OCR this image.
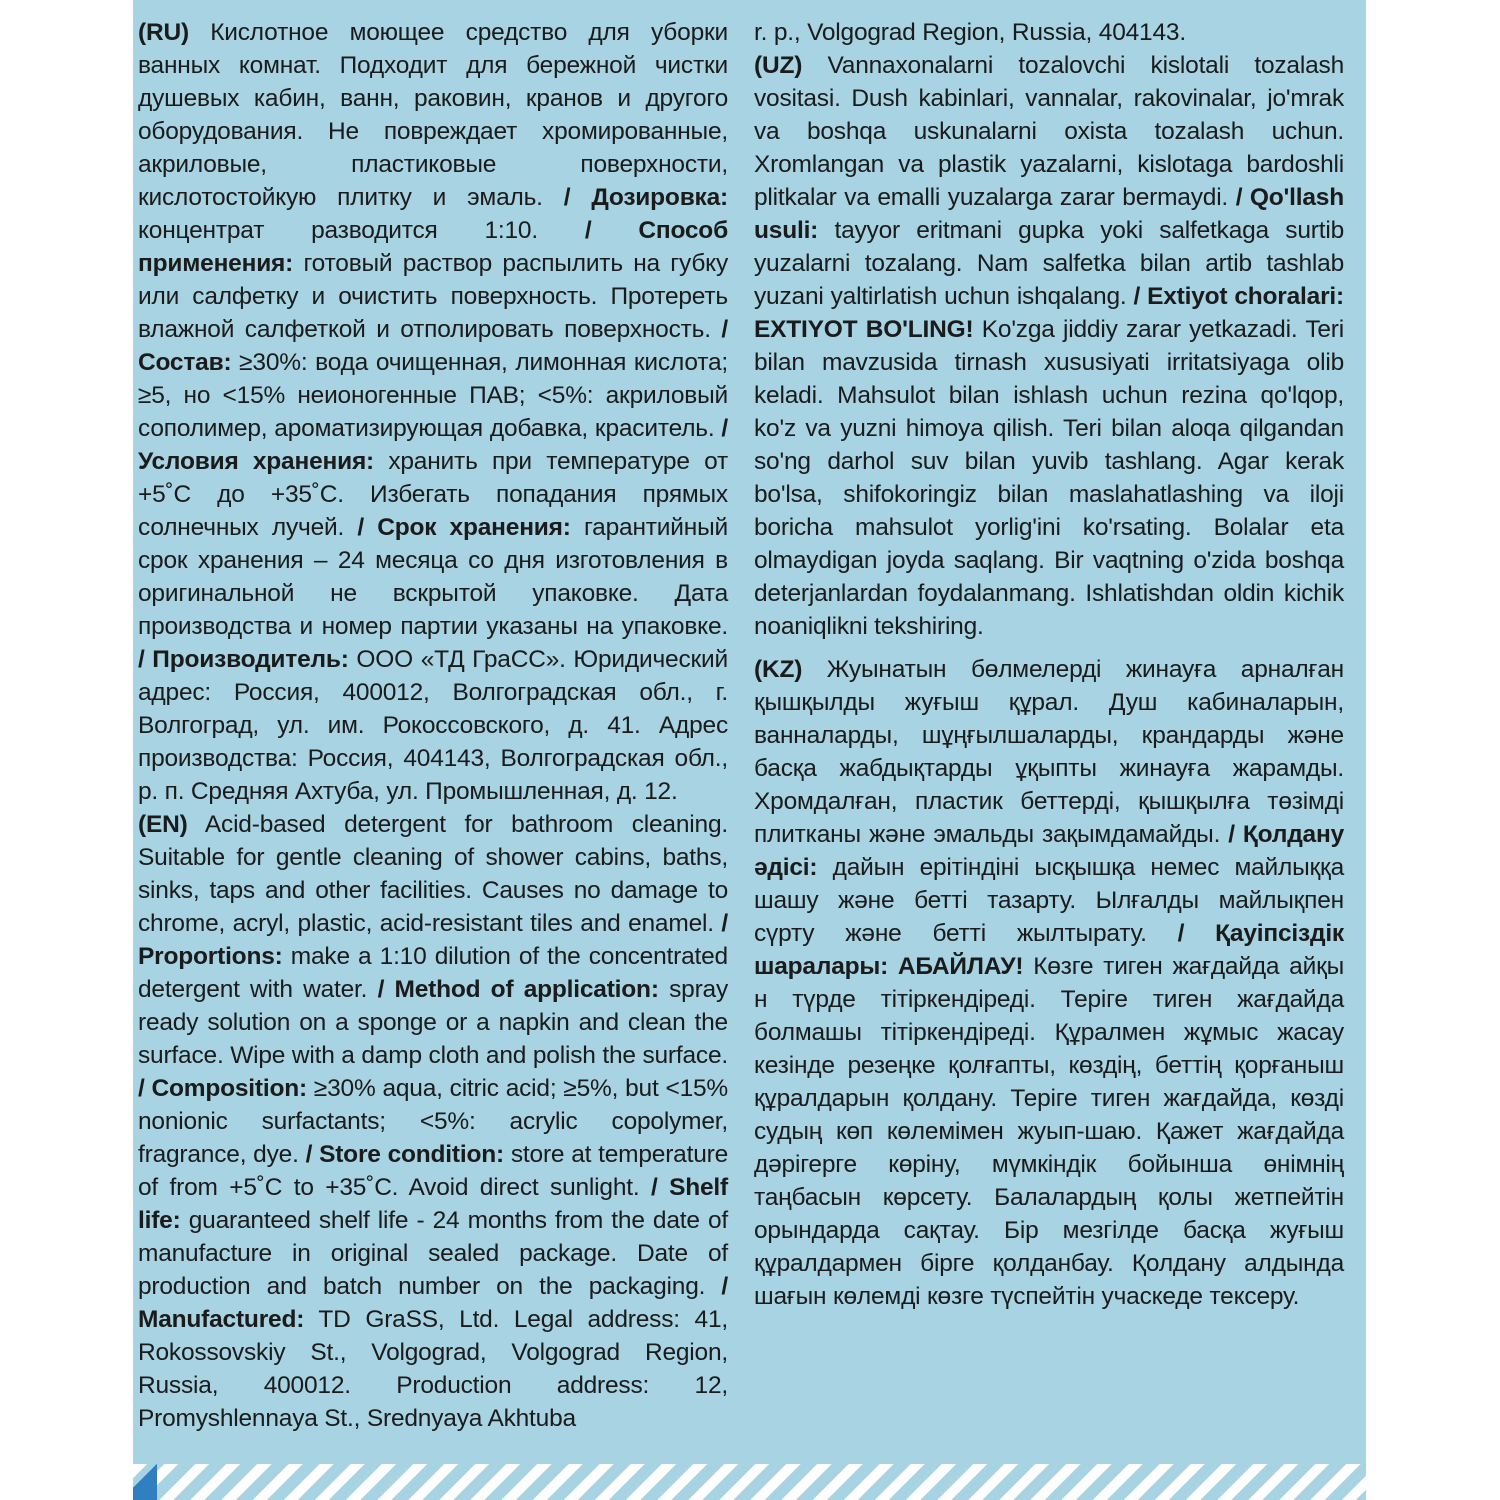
(RU) Кислотное моющее средство для уборки ванных комнат. Подходит для бережной чистки душевых кабин, ванн, раковин, кранов и другого оборудования. Не повреждает хромированные, акриловые, пластиковые поверхности, кислотостойкую плитку и эмаль. / Дозировка: концентрат разводится 1:10. / Способ применения: готовый раствор распылить на губку или салфетку и очистить поверхность. Протереть влажной салфеткой и отполировать поверхность. / Состав: ≥30%: вода очищенная, лимонная кислота; ≥5, но <15% неионогенные ПАВ; <5%: акриловый сополимер, ароматизирующая добавка, краситель. / Условия хранения: хранить при температуре от +5˚С до +35˚С. Избегать попадания прямых солнечных лучей. / Срок хранения: гарантийный срок хранения – 24 месяца со дня изготовления в оригинальной не вскрытой упаковке. Дата производства и номер партии указаны на упаковке. / Производитель: ООО «ТД ГраСС». Юридический адрес: Россия, 400012, Волгоградская обл., г. Волгоград, ул. им. Рокоссовского, д. 41. Адрес производства: Россия, 404143, Волгоградская обл., р. п. Средняя Ахтуба, ул. Промышленная, д. 12.

(EN) Acid-based detergent for bathroom cleaning. Suitable for gentle cleaning of shower cabins, baths, sinks, taps and other facilities. Causes no damage to chrome, acryl, plastic, acid-resistant tiles and enamel. / Proportions: make a 1:10 dilution of the concentrated detergent with water. / Method of application: spray ready solution on a sponge or a napkin and clean the surface. Wipe with a damp cloth and polish the surface. / Composition: ≥30% aqua, citric acid; ≥5%, but <15% nonionic surfactants; <5%: acrylic copolymer, fragrance, dye. / Store condition: store at temperature of from +5˚C to +35˚C. Avoid direct sunlight. / Shelf life: guaranteed shelf life - 24 months from the date of manufacture in original sealed package. Date of production and batch number on the packaging. / Manufactured: TD GraSS, Ltd. Legal address: 41, Rokossovskiy St., Volgograd, Volgograd Region, Russia, 400012. Production address: 12, Promyshlennaya St., Srednyaya Akhtuba

r. p., Volgograd Region, Russia, 404143.

(UZ) Vannaxonalarni tozalovchi kislotali tozalash vositasi. Dush kabinlari, vannalar, rakovinalar, jo'mrak va boshqa uskunalarni oxista tozalash uchun. Xromlangan va plastik yazalarni, kislotaga bardoshli plitkalar va emalli yuzalarga zarar bermaydi. / Qo'llash usuli: tayyor eritmani gupka yoki salfetkaga surtib yuzalarni tozalang. Nam salfetka bilan artib tashlab yuzani yaltirlatish uchun ishqalang. / Extiyot choralari: EXTIYOT BO'LING! Ko'zga jiddiy zarar yetkazadi. Teri bilan mavzusida tirnash xususiyati irritatsiyaga olib keladi. Mahsulot bilan ishlash uchun rezina qo'lqop, ko'z va yuzni himoya qilish. Teri bilan aloqa qilgandan so'ng darhol suv bilan yuvib tashlang. Agar kerak bo'lsa, shifokoringiz bilan maslahatlashing va iloji boricha mahsulot yorlig'ini ko'rsating. Bolalar eta olmaydigan joyda saqlang. Bir vaqtning o'zida boshqa deterjanlardan foydalanmang. Ishlatishdan oldin kichik noaniqlikni tekshiring.

(KZ) Жуынатын бөлмелерді жинауға арналған қышқылды жуғыш құрал. Душ кабиналарын, ванналарды, шұңғылшаларды, крандарды және басқа жабдықтарды ұқыпты жинауға жарамды. Хромдалған, пластик беттерді, қышқылға төзімді плитканы және эмальды зақымдамайды. / Қолдану әдісі: дайын ерітіндіні ысқышқа немес майлыққа шашу және бетті тазарту. Ылғалды майлықпен сүрту және бетті жылтырату. / Қауіпсіздік шаралары: АБАЙЛАУ! Көзге тиген жағдайда айқы н түрде тітіркендіреді. Теріге тиген жағдайда болмашы тітіркендіреді. Құралмен жұмыс жасау кезінде резеңке қолғапты, көздің, беттің қорғаныш құралдарын қолдану. Теріге тиген жағдайда, көзді судың көп көлемімен жуып-шаю. Қажет жағдайда дәрігерге көріну, мүмкіндік бойынша өнімнің таңбасын көрсету. Балалардың қолы жетпейтін орындарда сақтау. Бір мезгілде басқа жуғыш құралдармен бірге қолданбау. Қолдану алдында шағын көлемді көзге түспейтін учаскеде тексеру.
